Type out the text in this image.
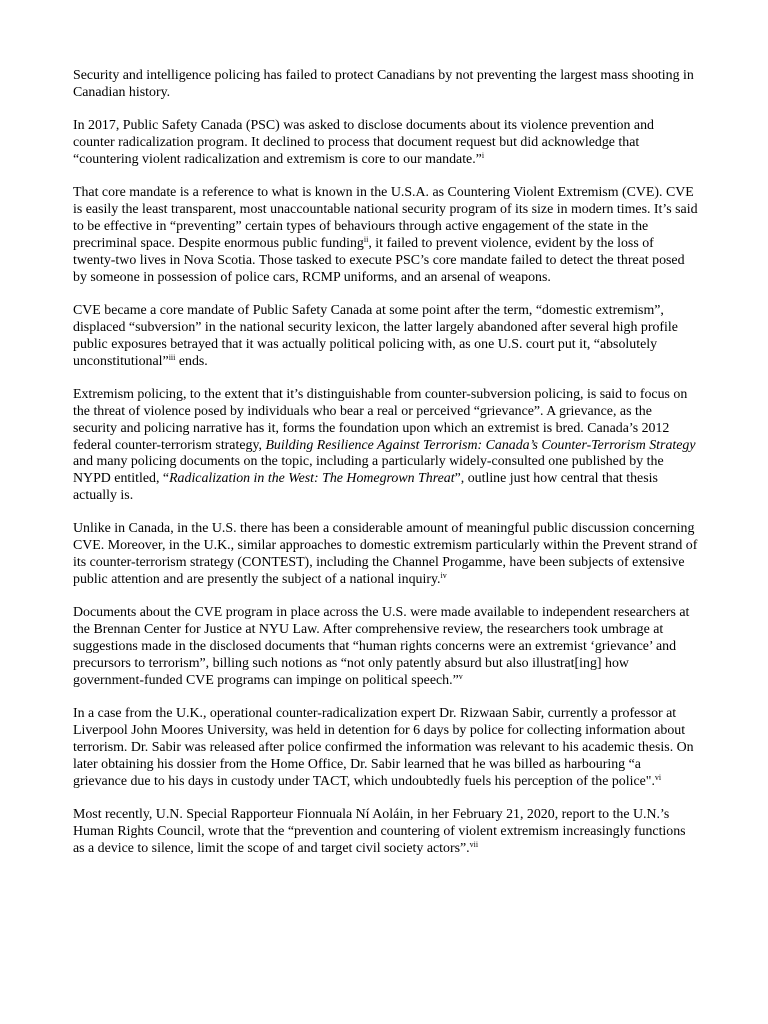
Security and intelligence policing has failed to protect Canadians by not preventing the largest mass shooting in Canadian history.

In 2017, Public Safety Canada (PSC) was asked to disclose documents about its violence prevention and counter radicalization program. It declined to process that document request but did acknowledge that “countering violent radicalization and extremism is core to our mandate.”$^i$

That core mandate is a reference to what is known in the U.S.A. as Countering Violent Extremism (CVE). CVE is easily the least transparent, most unaccountable national security program of its size in modern times. It’s said to be effective in “preventing” certain types of behaviours through active engagement of the state in the precriminal space. Despite enormous public funding$^{ii}$, it failed to prevent violence, evident by the loss of twenty-two lives in Nova Scotia. Those tasked to execute PSC’s core mandate failed to detect the threat posed by someone in possession of police cars, RCMP uniforms, and an arsenal of weapons.

CVE became a core mandate of Public Safety Canada at some point after the term, “domestic extremism”, displaced “subversion” in the national security lexicon, the latter largely abandoned after several high profile public exposures betrayed that it was actually political policing with, as one U.S. court put it, “absolutely unconstitutional”$^{iii}$ ends.

Extremism policing, to the extent that it’s distinguishable from counter-subversion policing, is said to focus on the threat of violence posed by individuals who bear a real or perceived “grievance”. A grievance, as the security and policing narrative has it, forms the foundation upon which an extremist is bred. Canada’s 2012 federal counter-terrorism strategy, Building Resilience Against Terrorism: Canada’s Counter-Terrorism Strategy and many policing documents on the topic, including a particularly widely-consulted one published by the NYPD entitled, “Radicalization in the West: The Homegrown Threat”, outline just how central that thesis actually is.

Unlike in Canada, in the U.S. there has been a considerable amount of meaningful public discussion concerning CVE. Moreover, in the U.K., similar approaches to domestic extremism particularly within the Prevent strand of its counter-terrorism strategy (CONTEST), including the Channel Progamme, have been subjects of extensive public attention and are presently the subject of a national inquiry.$^{iv}$

Documents about the CVE program in place across the U.S. were made available to independent researchers at the Brennan Center for Justice at NYU Law. After comprehensive review, the researchers took umbrage at suggestions made in the disclosed documents that “human rights concerns were an extremist ‘grievance’ and precursors to terrorism”, billing such notions as “not only patently absurd but also illustrat[ing] how government-funded CVE programs can impinge on political speech.”$^v$

In a case from the U.K., operational counter-radicalization expert Dr. Rizwaan Sabir, currently a professor at Liverpool John Moores University, was held in detention for 6 days by police for collecting information about terrorism. Dr. Sabir was released after police confirmed the information was relevant to his academic thesis. On later obtaining his dossier from the Home Office, Dr. Sabir learned that he was billed as harbouring “a grievance due to his days in custody under TACT, which undoubtedly fuels his perception of the police".$^{vi}$

Most recently, U.N. Special Rapporteur Fionnuala Ní Aoláin, in her February 21, 2020, report to the U.N.’s Human Rights Council, wrote that the “prevention and countering of violent extremism increasingly functions as a device to silence, limit the scope of and target civil society actors”.$^{vii}$
